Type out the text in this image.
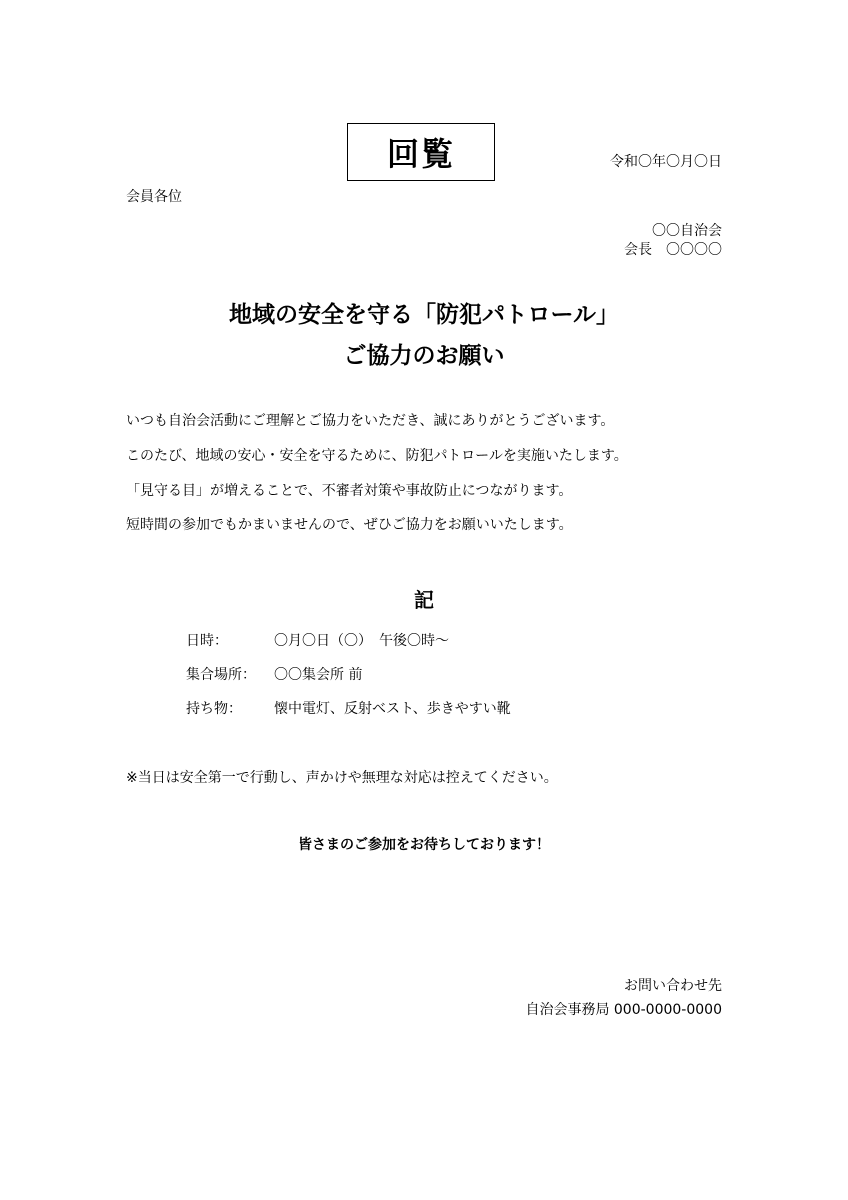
回覧	令和〇年〇月〇日
会員各位
〇〇自治会
会長　〇〇〇〇
地域の安全を守る「防犯パトロール」
ご協力のお願い
いつも自治会活動にご理解とご協力をいただき、誠にありがとうございます。
このたび、地域の安心・安全を守るために、防犯パトロールを実施いたします。
「見守る目」が増えることで、不審者対策や事故防止につながります。
短時間の参加でもかまいませんので、ぜひご協力をお願いいたします。
記
日時：	〇月〇日（〇）　午後〇時～
集合場所： 〇〇集会所 前
持ち物： 懐中電灯、反射ベスト、歩きやすい靴
※当日は安全第一で行動し、声かけや無理な対応は控えてください。
皆さまのご参加をお待ちしております！
お問い合わせ先
自治会事務局 000-0000-0000
